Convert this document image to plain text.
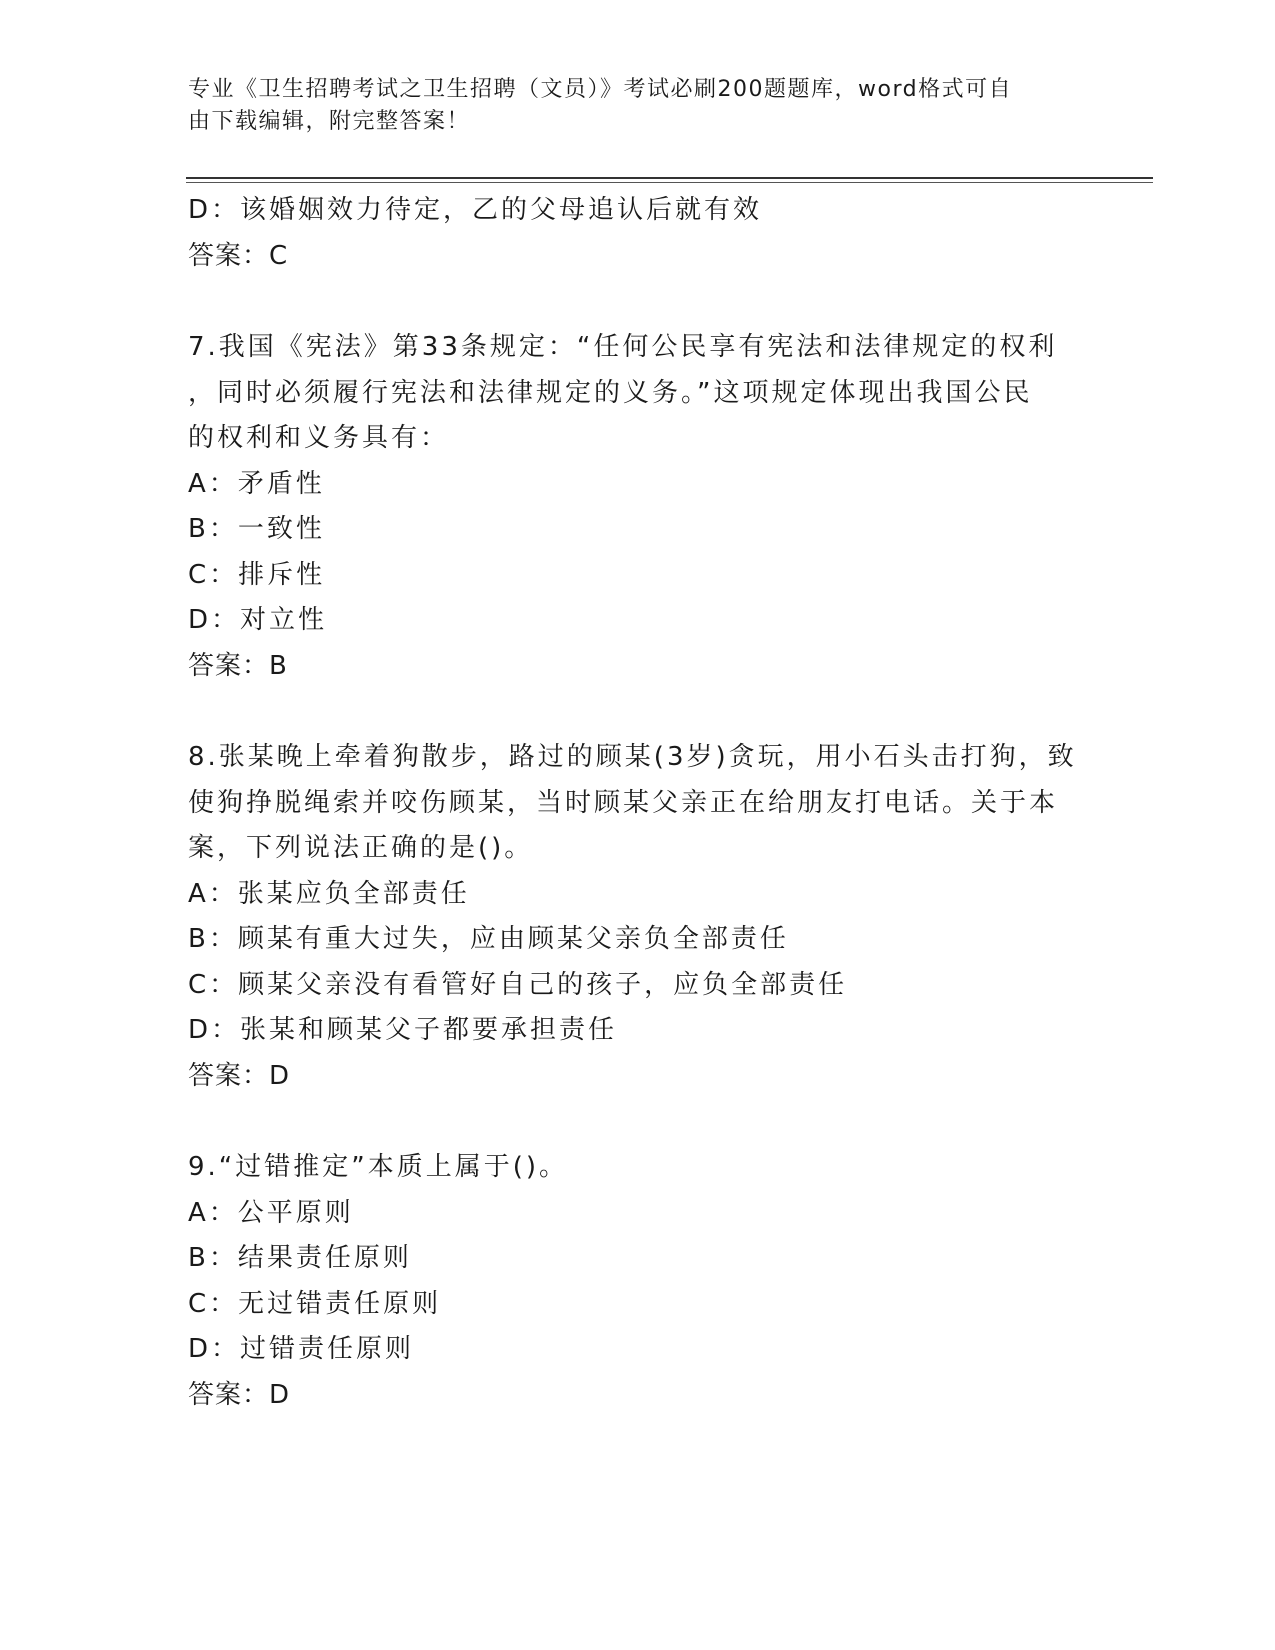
专业《卫生招聘考试之卫生招聘（文员）》考试必刷200题题库，word格式可自
由下载编辑，附完整答案！
D：该婚姻效力待定，乙的父母追认后就有效
答案：C
7.我国《宪法》第33条规定：“任何公民享有宪法和法律规定的权利
，同时必须履行宪法和法律规定的义务。”这项规定体现出我国公民
的权利和义务具有：
A：矛盾性
B：一致性
C：排斥性
D：对立性
答案：B
8.张某晚上牵着狗散步，路过的顾某(3岁)贪玩，用小石头击打狗，致
使狗挣脱绳索并咬伤顾某，当时顾某父亲正在给朋友打电话。关于本
案，下列说法正确的是()。
A：张某应负全部责任
B：顾某有重大过失，应由顾某父亲负全部责任
C：顾某父亲没有看管好自己的孩子，应负全部责任
D：张某和顾某父子都要承担责任
答案：D
9.“过错推定”本质上属于()。
A：公平原则
B：结果责任原则
C：无过错责任原则
D：过错责任原则
答案：D
